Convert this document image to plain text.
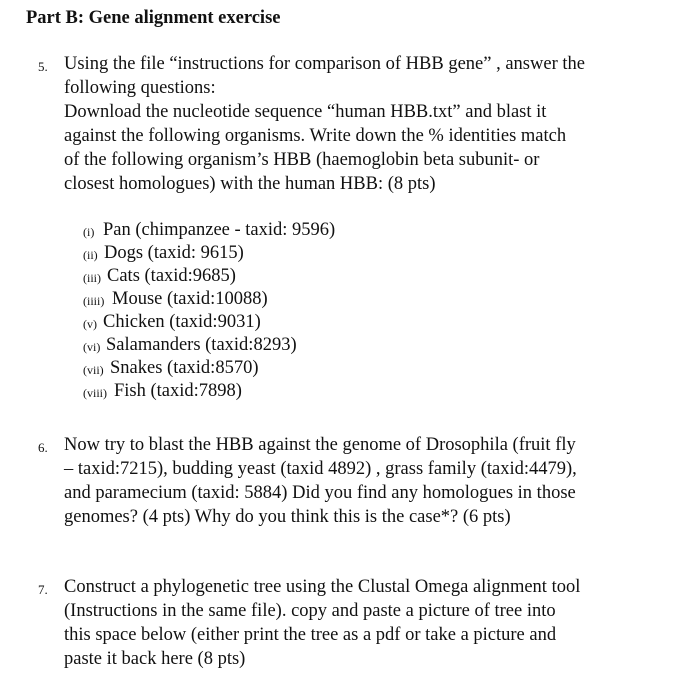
Part B: Gene alignment exercise
5. Using the file “instructions for comparison of HBB gene” , answer the
following questions:
Download the nucleotide sequence “human HBB.txt” and blast it
against the following organisms. Write down the % identities match
of the following organism’s HBB (haemoglobin beta subunit- or
closest homologues) with the human HBB: (8 pts)
(i) Pan (chimpanzee - taxid: 9596)
(ii) Dogs (taxid: 9615)
(iii) Cats (taxid:9685)
(iiii) Mouse (taxid:10088)
(v) Chicken (taxid:9031)
(vi) Salamanders (taxid:8293)
(vii) Snakes (taxid:8570)
(viii) Fish (taxid:7898)
6. Now try to blast the HBB against the genome of Drosophila (fruit fly
– taxid:7215), budding yeast (taxid 4892) , grass family (taxid:4479),
and paramecium (taxid: 5884) Did you find any homologues in those
genomes? (4 pts) Why do you think this is the case*? (6 pts)
7. Construct a phylogenetic tree using the Clustal Omega alignment tool
(Instructions in the same file). copy and paste a picture of tree into
this space below (either print the tree as a pdf or take a picture and
paste it back here (8 pts)
